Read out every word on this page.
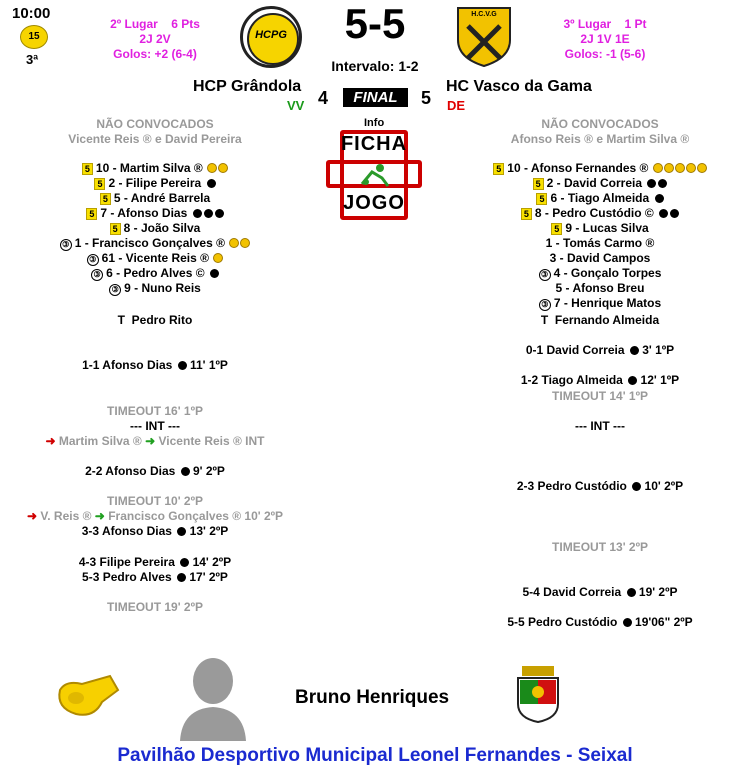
10:00
15
3ª
2º Lugar 6 Pts
2J 2V
Golos: +2 (6-4)
HCPG	5-5
Intervalo: 1-2
H.C.V.G
3º Lugar 1 Pt
2J 1V 1E
Golos: -1 (5-6)
HCP Grândola	HC Vasco da Gama
VV 4	FINAL	5 DE
NÃO CONVOCADOS
Vicente Reis ® e David Pereira
NÃO CONVOCADOS
Afonso Reis ® e Martim Silva ®
Info
FICHA
JOGO
5 10 - Martim Silva ®
5 2 - Filipe Pereira
5 5 - André Barrela
5 7 - Afonso Dias
5 8 - João Silva
③ 1 - Francisco Gonçalves ®
③ 61 - Vicente Reis ®
③ 6 - Pedro Alves ©
③ 9 - Nuno Reis
5 10 - Afonso Fernandes ®
5 2 - David Correia
5 6 - Tiago Almeida
5 8 - Pedro Custódio ©
5 9 - Lucas Silva
1 - Tomás Carmo ®
3 - David Campos
③ 4 - Gonçalo Torpes
5 - Afonso Breu
③ 7 - Henrique Matos
T Pedro Rito	T Fernando Almeida
1-1 Afonso Dias 11' 1ºP
TIMEOUT 16' 1ºP
--- INT ---
➜ Martim Silva ® ➜ Vicente Reis ® INT
2-2 Afonso Dias 9' 2ºP
TIMEOUT 10' 2ºP
➜ V. Reis ® ➜ Francisco Gonçalves ® 10' 2ºP
3-3 Afonso Dias 13' 2ºP
4-3 Filipe Pereira 14' 2ºP
5-3 Pedro Alves 17' 2ºP
TIMEOUT 19' 2ºP
0-1 David Correia 3' 1ºP
1-2 Tiago Almeida 12' 1ºP
TIMEOUT 14' 1ºP
--- INT ---
2-3 Pedro Custódio 10' 2ºP
TIMEOUT 13' 2ºP
5-4 David Correia 19' 2ºP
5-5 Pedro Custódio 19'06" 2ºP
Bruno Henriques
Pavilhão Desportivo Municipal Leonel Fernandes - Seixal
